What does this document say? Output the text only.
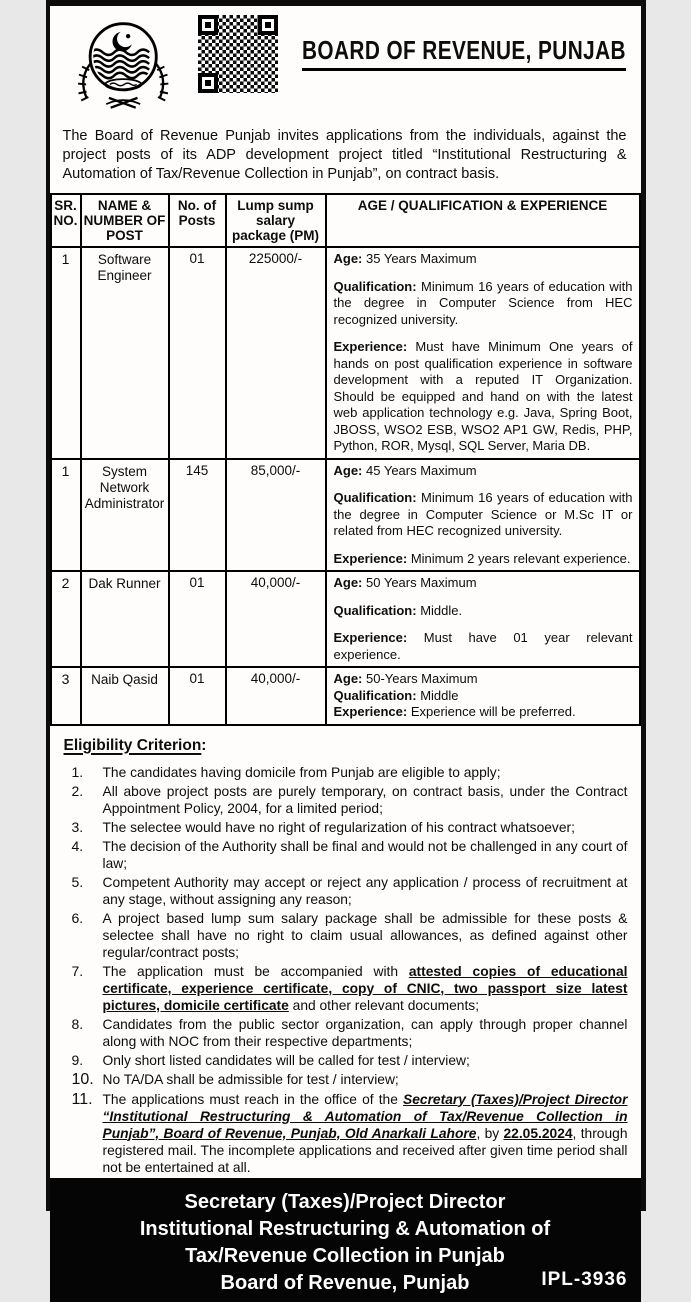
BOARD OF REVENUE, PUNJAB

The Board of Revenue Punjab invites applications from the individuals, against the project posts of its ADP development project titled “Institutional Restructuring & Automation of Tax/Revenue Collection in Punjab”, on contract basis.

SR. NO.	NAME & NUMBER OF POST	No. of Posts	Lump sump salary package (PM)	AGE / QUALIFICATION & EXPERIENCE
1	Software Engineer	01	225000/-	Age: 35 Years Maximum

Qualification: Minimum 16 years of education with the degree in Computer Science from HEC recognized university.

Experience: Must have Minimum One years of hands on post qualification experience in software development with a reputed IT Organization. Should be equipped and hand on with the latest web application technology e.g. Java, Spring Boot, JBOSS, WSO2 ESB, WSO2 AP1 GW, Redis, PHP, Python, ROR, Mysql, SQL Server, Maria DB.

1	System Network Administrator	145	85,000/-	Age: 45 Years Maximum

Qualification: Minimum 16 years of education with the degree in Computer Science or M.Sc IT or related from HEC recognized university.

Experience: Minimum 2 years relevant experience.

2	Dak Runner	01	40,000/-	Age: 50 Years Maximum

Qualification: Middle.

Experience: Must have 01 year relevant experience.

3	Naib Qasid	01	40,000/-	Age: 50-Years Maximum

Qualification: Middle

Experience: Experience will be preferred.

Eligibility Criterion:
1.	The candidates having domicile from Punjab are eligible to apply;
2.	All above project posts are purely temporary, on contract basis, under the Contract Appointment Policy, 2004, for a limited period;
3.	The selectee would have no right of regularization of his contract whatsoever;
4.	The decision of the Authority shall be final and would not be challenged in any court of law;
5.	Competent Authority may accept or reject any application / process of recruitment at any stage, without assigning any reason;
6.	A project based lump sum salary package shall be admissible for these posts & selectee shall have no right to claim usual allowances, as defined against other regular/contract posts;
7.	The application must be accompanied with attested copies of educational certificate, experience certificate, copy of CNIC, two passport size latest pictures, domicile certificate and other relevant documents;
8.	Candidates from the public sector organization, can apply through proper channel along with NOC from their respective departments;
9.	Only short listed candidates will be called for test / interview;
10. No TA/DA shall be admissible for test / interview;
11. The applications must reach in the office of the Secretary (Taxes)/Project Director “Institutional Restructuring & Automation of Tax/Revenue Collection in Punjab”, Board of Revenue, Punjab, Old Anarkali Lahore, by 22.05.2024, through registered mail. The incomplete applications and received after given time period shall not be entertained at all.
Secretary (Taxes)/Project Director
Institutional Restructuring & Automation of
Tax/Revenue Collection in Punjab
Board of Revenue, Punjab	IPL-3936
